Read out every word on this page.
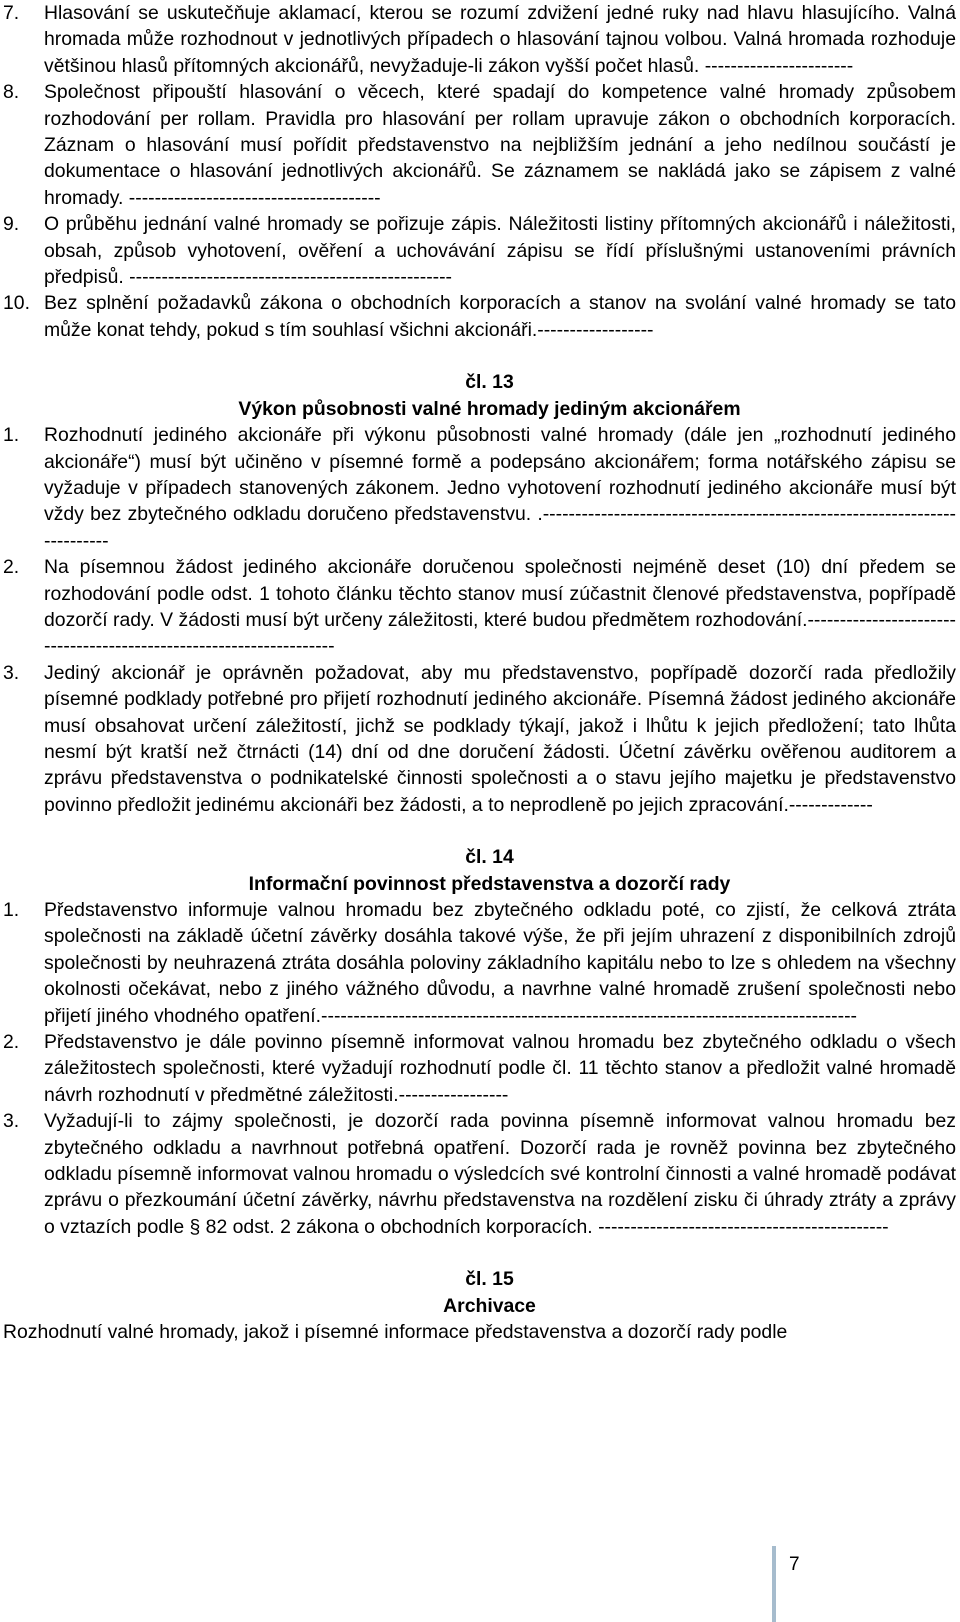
7.	Hlasování se uskutečňuje aklamací, kterou se rozumí zdvižení jedné ruky nad hlavu hlasujícího. Valná hromada může rozhodnout v jednotlivých případech o hlasování tajnou volbou. Valná hromada rozhoduje většinou hlasů přítomných akcionářů, nevyžaduje-li zákon vyšší počet hlasů. -----------------------
8.	Společnost připouští hlasování o věcech, které spadají do kompetence valné hromady způsobem rozhodování per rollam. Pravidla pro hlasování per rollam upravuje zákon o obchodních korporacích. Záznam o hlasování musí pořídit představenstvo na nejbližším jednání a jeho nedílnou součástí je dokumentace o hlasování jednotlivých akcionářů. Se záznamem se nakládá jako se zápisem z valné hromady. ---------------------------------------
9.	O průběhu jednání valné hromady se pořizuje zápis. Náležitosti listiny přítomných akcionářů i náležitosti, obsah, způsob vyhotovení, ověření a uchovávání zápisu se řídí příslušnými ustanoveními právních předpisů. --------------------------------------------------
10. Bez splnění požadavků zákona o obchodních korporacích a stanov na svolání valné hromady se tato může konat tehdy, pokud s tím souhlasí všichni akcionáři.------------------
čl. 13
Výkon působnosti valné hromady jediným akcionářem
1.	Rozhodnutí jediného akcionáře při výkonu působnosti valné hromady (dále jen „rozhodnutí jediného akcionáře“) musí být učiněno v písemné formě a podepsáno akcionářem; forma notářského zápisu se vyžaduje v případech stanovených zákonem. Jedno vyhotovení rozhodnutí jediného akcionáře musí být vždy bez zbytečného odkladu doručeno představenstvu. .--------------------------------------------------------------------------
2.	Na písemnou žádost jediného akcionáře doručenou společnosti nejméně deset (10) dní předem se rozhodování podle odst. 1 tohoto článku těchto stanov musí zúčastnit členové představenstva, popřípadě dozorčí rady. V žádosti musí být určeny záležitosti, které budou předmětem rozhodování.--------------------------------------------------------------------
3.	Jediný akcionář je oprávněn požadovat, aby mu představenstvo, popřípadě dozorčí rada předložily písemné podklady potřebné pro přijetí rozhodnutí jediného akcionáře. Písemná žádost jediného akcionáře musí obsahovat určení záležitostí, jichž se podklady týkají, jakož i lhůtu k jejich předložení; tato lhůta nesmí být kratší než čtrnácti (14) dní od dne doručení žádosti. Účetní závěrku ověřenou auditorem a zprávu představenstva o podnikatelské činnosti společnosti a o stavu jejího majetku je představenstvo povinno předložit jedinému akcionáři bez žádosti, a to neprodleně po jejich zpracování.-------------
čl. 14
Informační povinnost představenstva a dozorčí rady
1.	Představenstvo informuje valnou hromadu bez zbytečného odkladu poté, co zjistí, že celková ztráta společnosti na základě účetní závěrky dosáhla takové výše, že při jejím uhrazení z disponibilních zdrojů společnosti by neuhrazená ztráta dosáhla poloviny základního kapitálu nebo to lze s ohledem na všechny okolnosti očekávat, nebo z jiného vážného důvodu, a navrhne valné hromadě zrušení společnosti nebo přijetí jiného vhodného opatření.-----------------------------------------------------------------------------------
2.	Představenstvo je dále povinno písemně informovat valnou hromadu bez zbytečného odkladu o všech záležitostech společnosti, které vyžadují rozhodnutí podle čl. 11 těchto stanov a předložit valné hromadě návrh rozhodnutí v předmětné záležitosti.-----------------
3.	Vyžadují-li to zájmy společnosti, je dozorčí rada povinna písemně informovat valnou hromadu bez zbytečného odkladu a navrhnout potřebná opatření. Dozorčí rada je rovněž povinna bez zbytečného odkladu písemně informovat valnou hromadu o výsledcích své kontrolní činnosti a valné hromadě podávat zprávu o přezkoumání účetní závěrky, návrhu představenstva na rozdělení zisku či úhrady ztráty a zprávy o vztazích podle § 82 odst. 2 zákona o obchodních korporacích. ---------------------------------------------
čl. 15
Archivace
Rozhodnutí valné hromady, jakož i písemné informace představenstva a dozorčí rady podle
7
